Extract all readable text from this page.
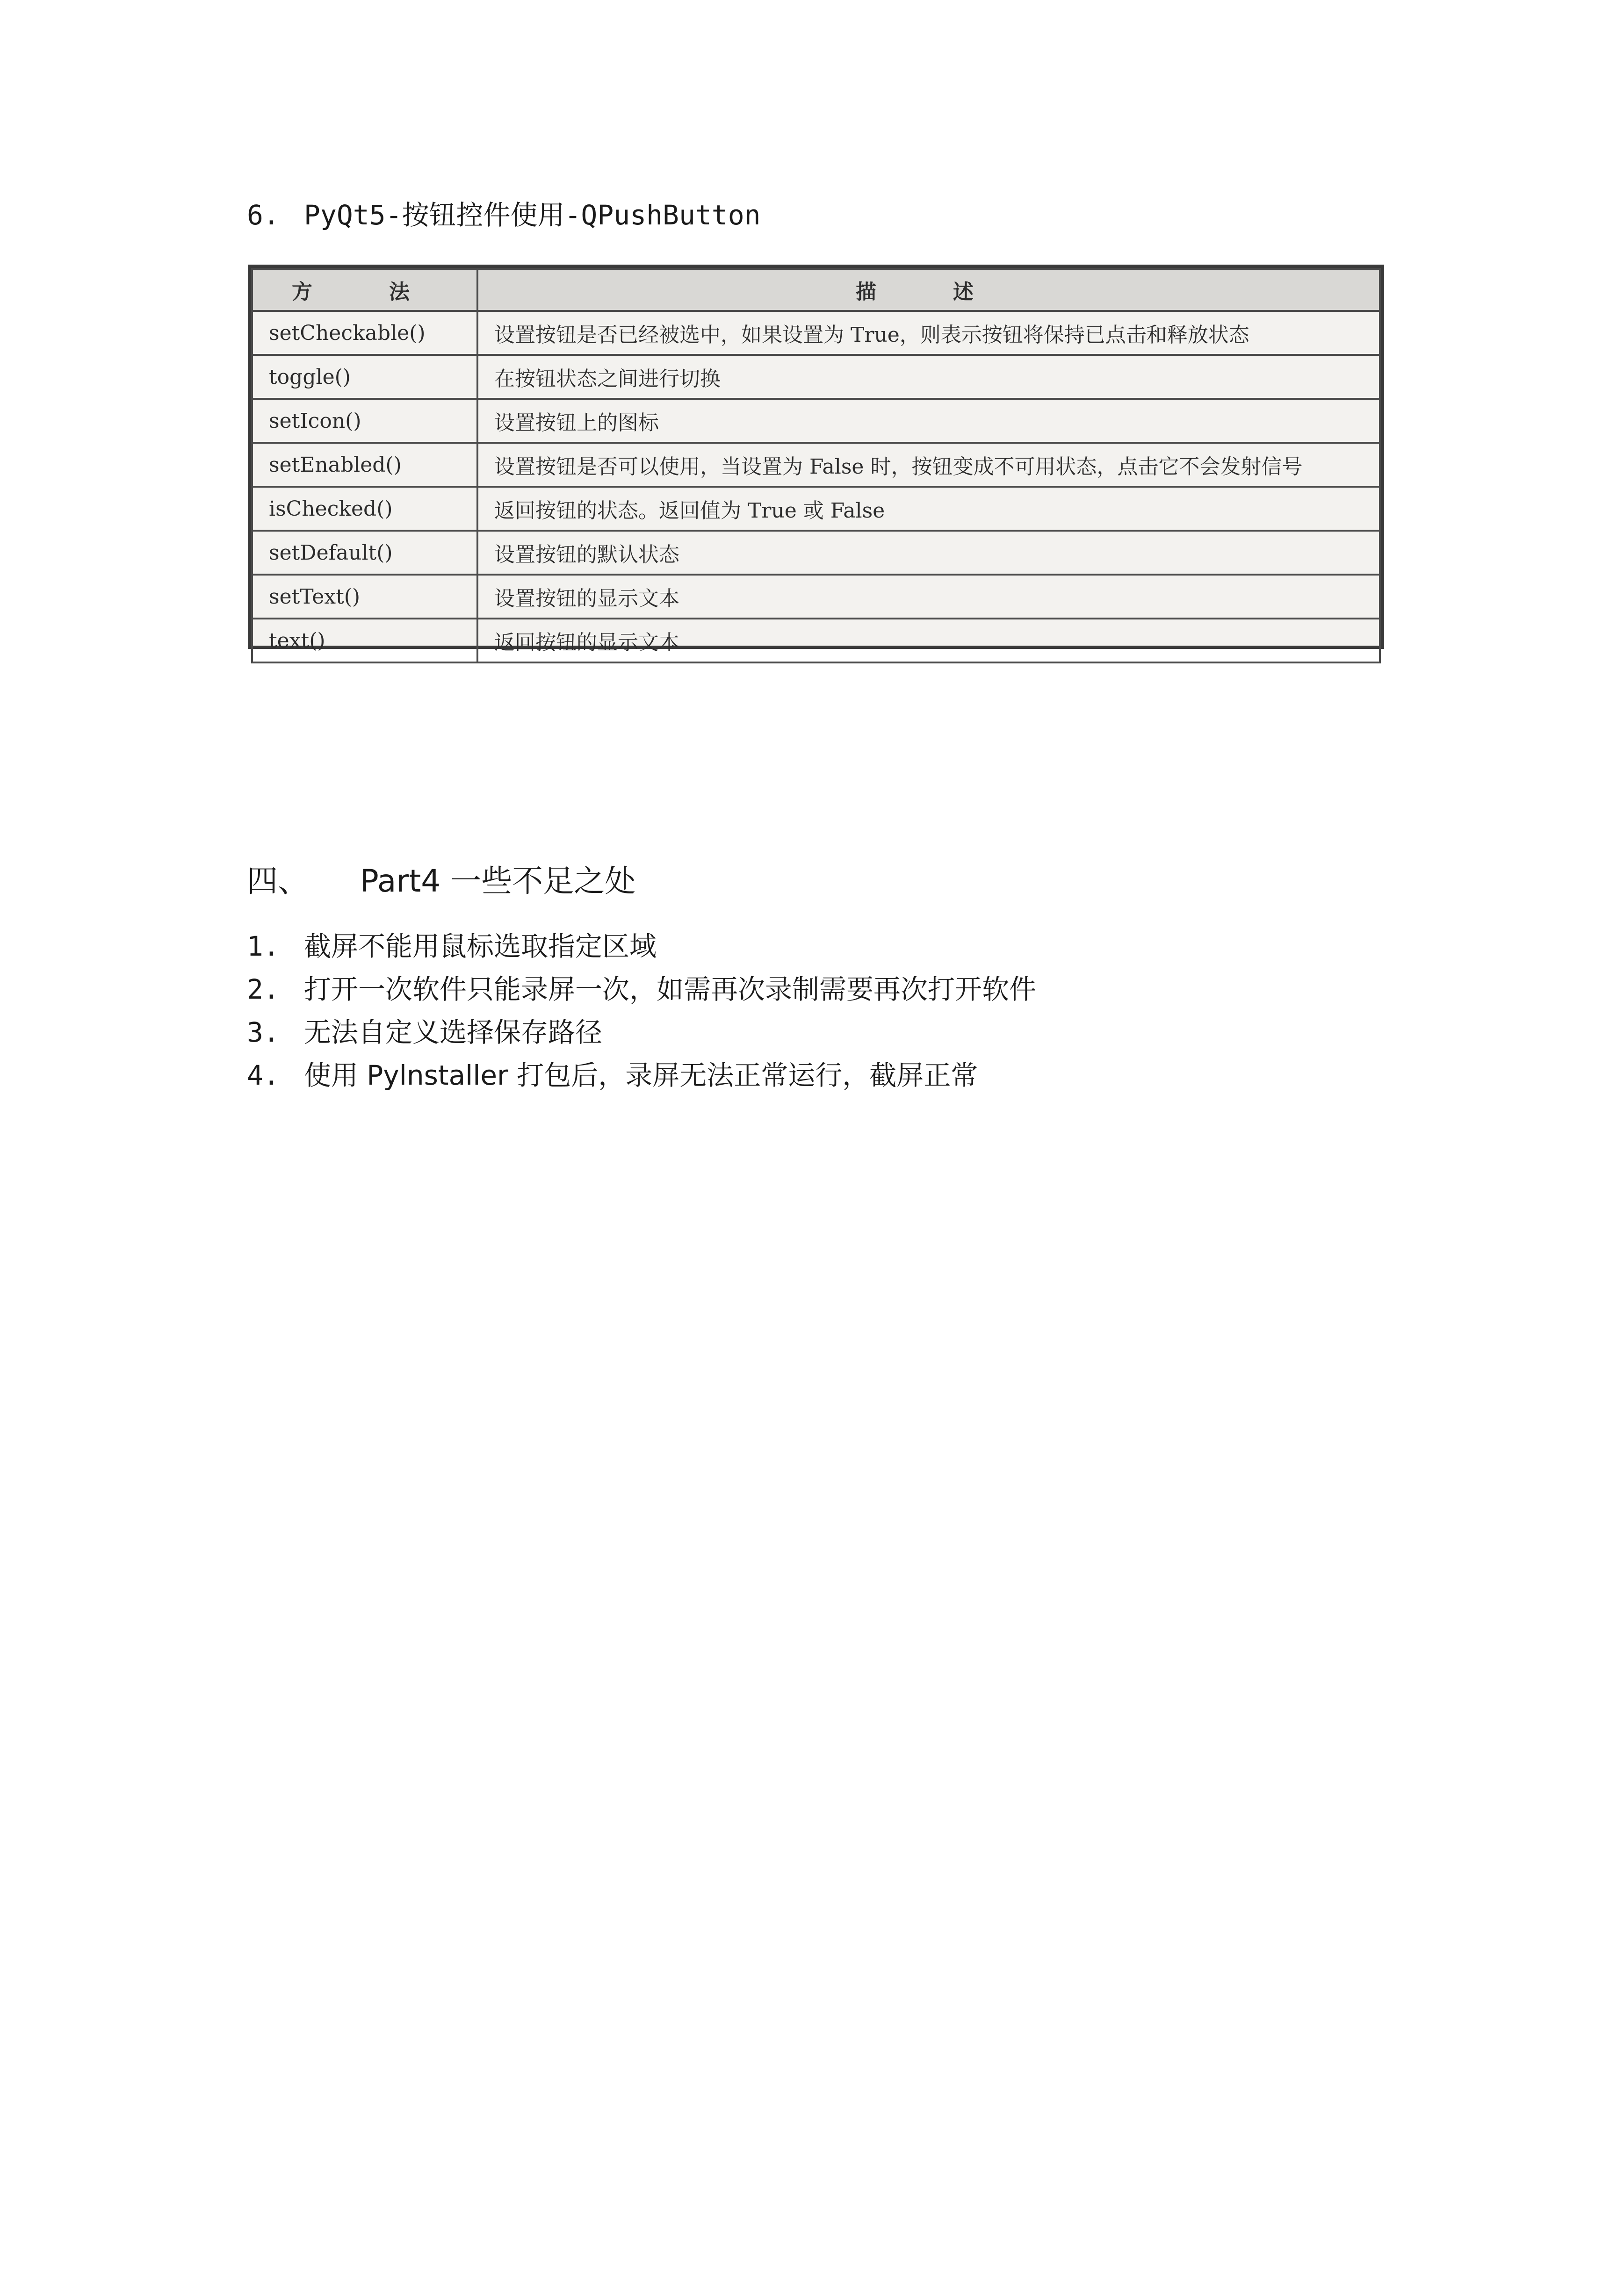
6. PyQt5-按钮控件使用-QPushButton
方　法	描　述
setCheckable()	设置按钮是否已经被选中，如果设置为 True，则表示按钮将保持已点击和释放状态
toggle()	在按钮状态之间进行切换
setIcon()	设置按钮上的图标
setEnabled()	设置按钮是否可以使用，当设置为 False 时，按钮变成不可用状态，点击它不会发射信号
isChecked()	返回按钮的状态。返回值为 True 或 False
setDefault()	设置按钮的默认状态
setText()	设置按钮的显示文本
text()	返回按钮的显示文本
四、 Part4 一些不足之处
1. 截屏不能用鼠标选取指定区域
2. 打开一次软件只能录屏一次，如需再次录制需要再次打开软件
3. 无法自定义选择保存路径
4. 使用 Pylnstaller 打包后，录屏无法正常运行，截屏正常
